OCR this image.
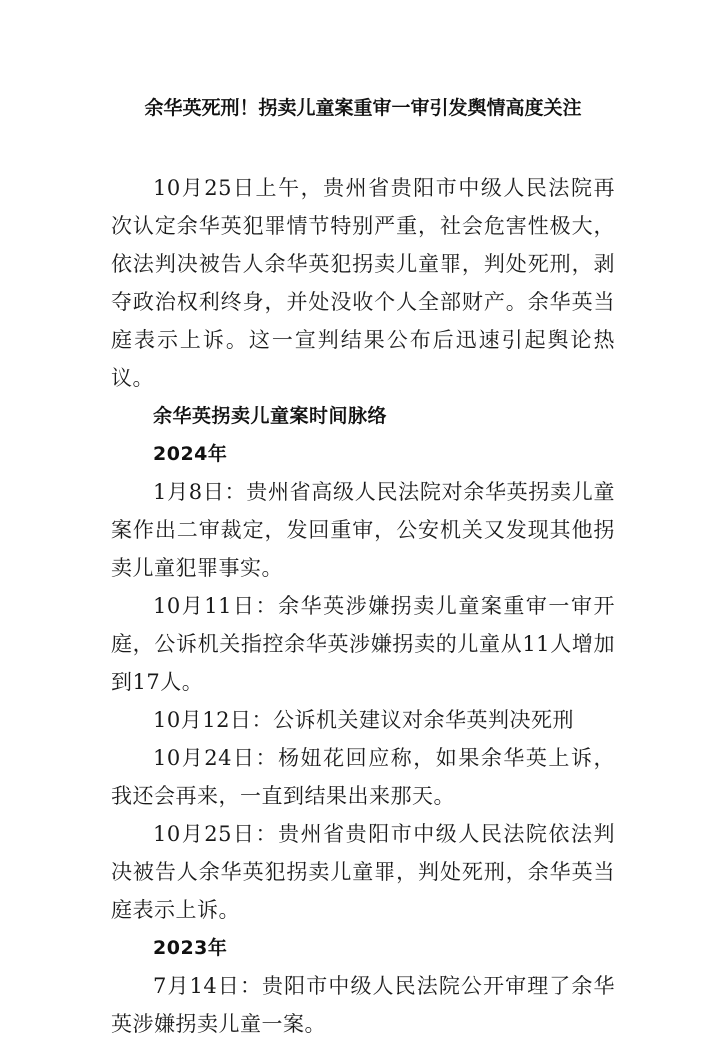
余华英死刑！拐卖儿童案重审一审引发舆情高度关注

10月25日上午，贵州省贵阳市中级人民法院再次认定余华英犯罪情节特别严重，社会危害性极大，依法判决被告人余华英犯拐卖儿童罪，判处死刑，剥夺政治权利终身，并处没收个人全部财产。余华英当庭表示上诉。这一宣判结果公布后迅速引起舆论热议。

余华英拐卖儿童案时间脉络

2024年

1月8日：贵州省高级人民法院对余华英拐卖儿童案作出二审裁定，发回重审，公安机关又发现其他拐卖儿童犯罪事实。

10月11日：余华英涉嫌拐卖儿童案重审一审开庭，公诉机关指控余华英涉嫌拐卖的儿童从11人增加到17人。

10月12日：公诉机关建议对余华英判决死刑

10月24日：杨妞花回应称，如果余华英上诉，我还会再来，一直到结果出来那天。

10月25日：贵州省贵阳市中级人民法院依法判决被告人余华英犯拐卖儿童罪，判处死刑，余华英当庭表示上诉。

2023年

7月14日：贵阳市中级人民法院公开审理了余华英涉嫌拐卖儿童一案。
